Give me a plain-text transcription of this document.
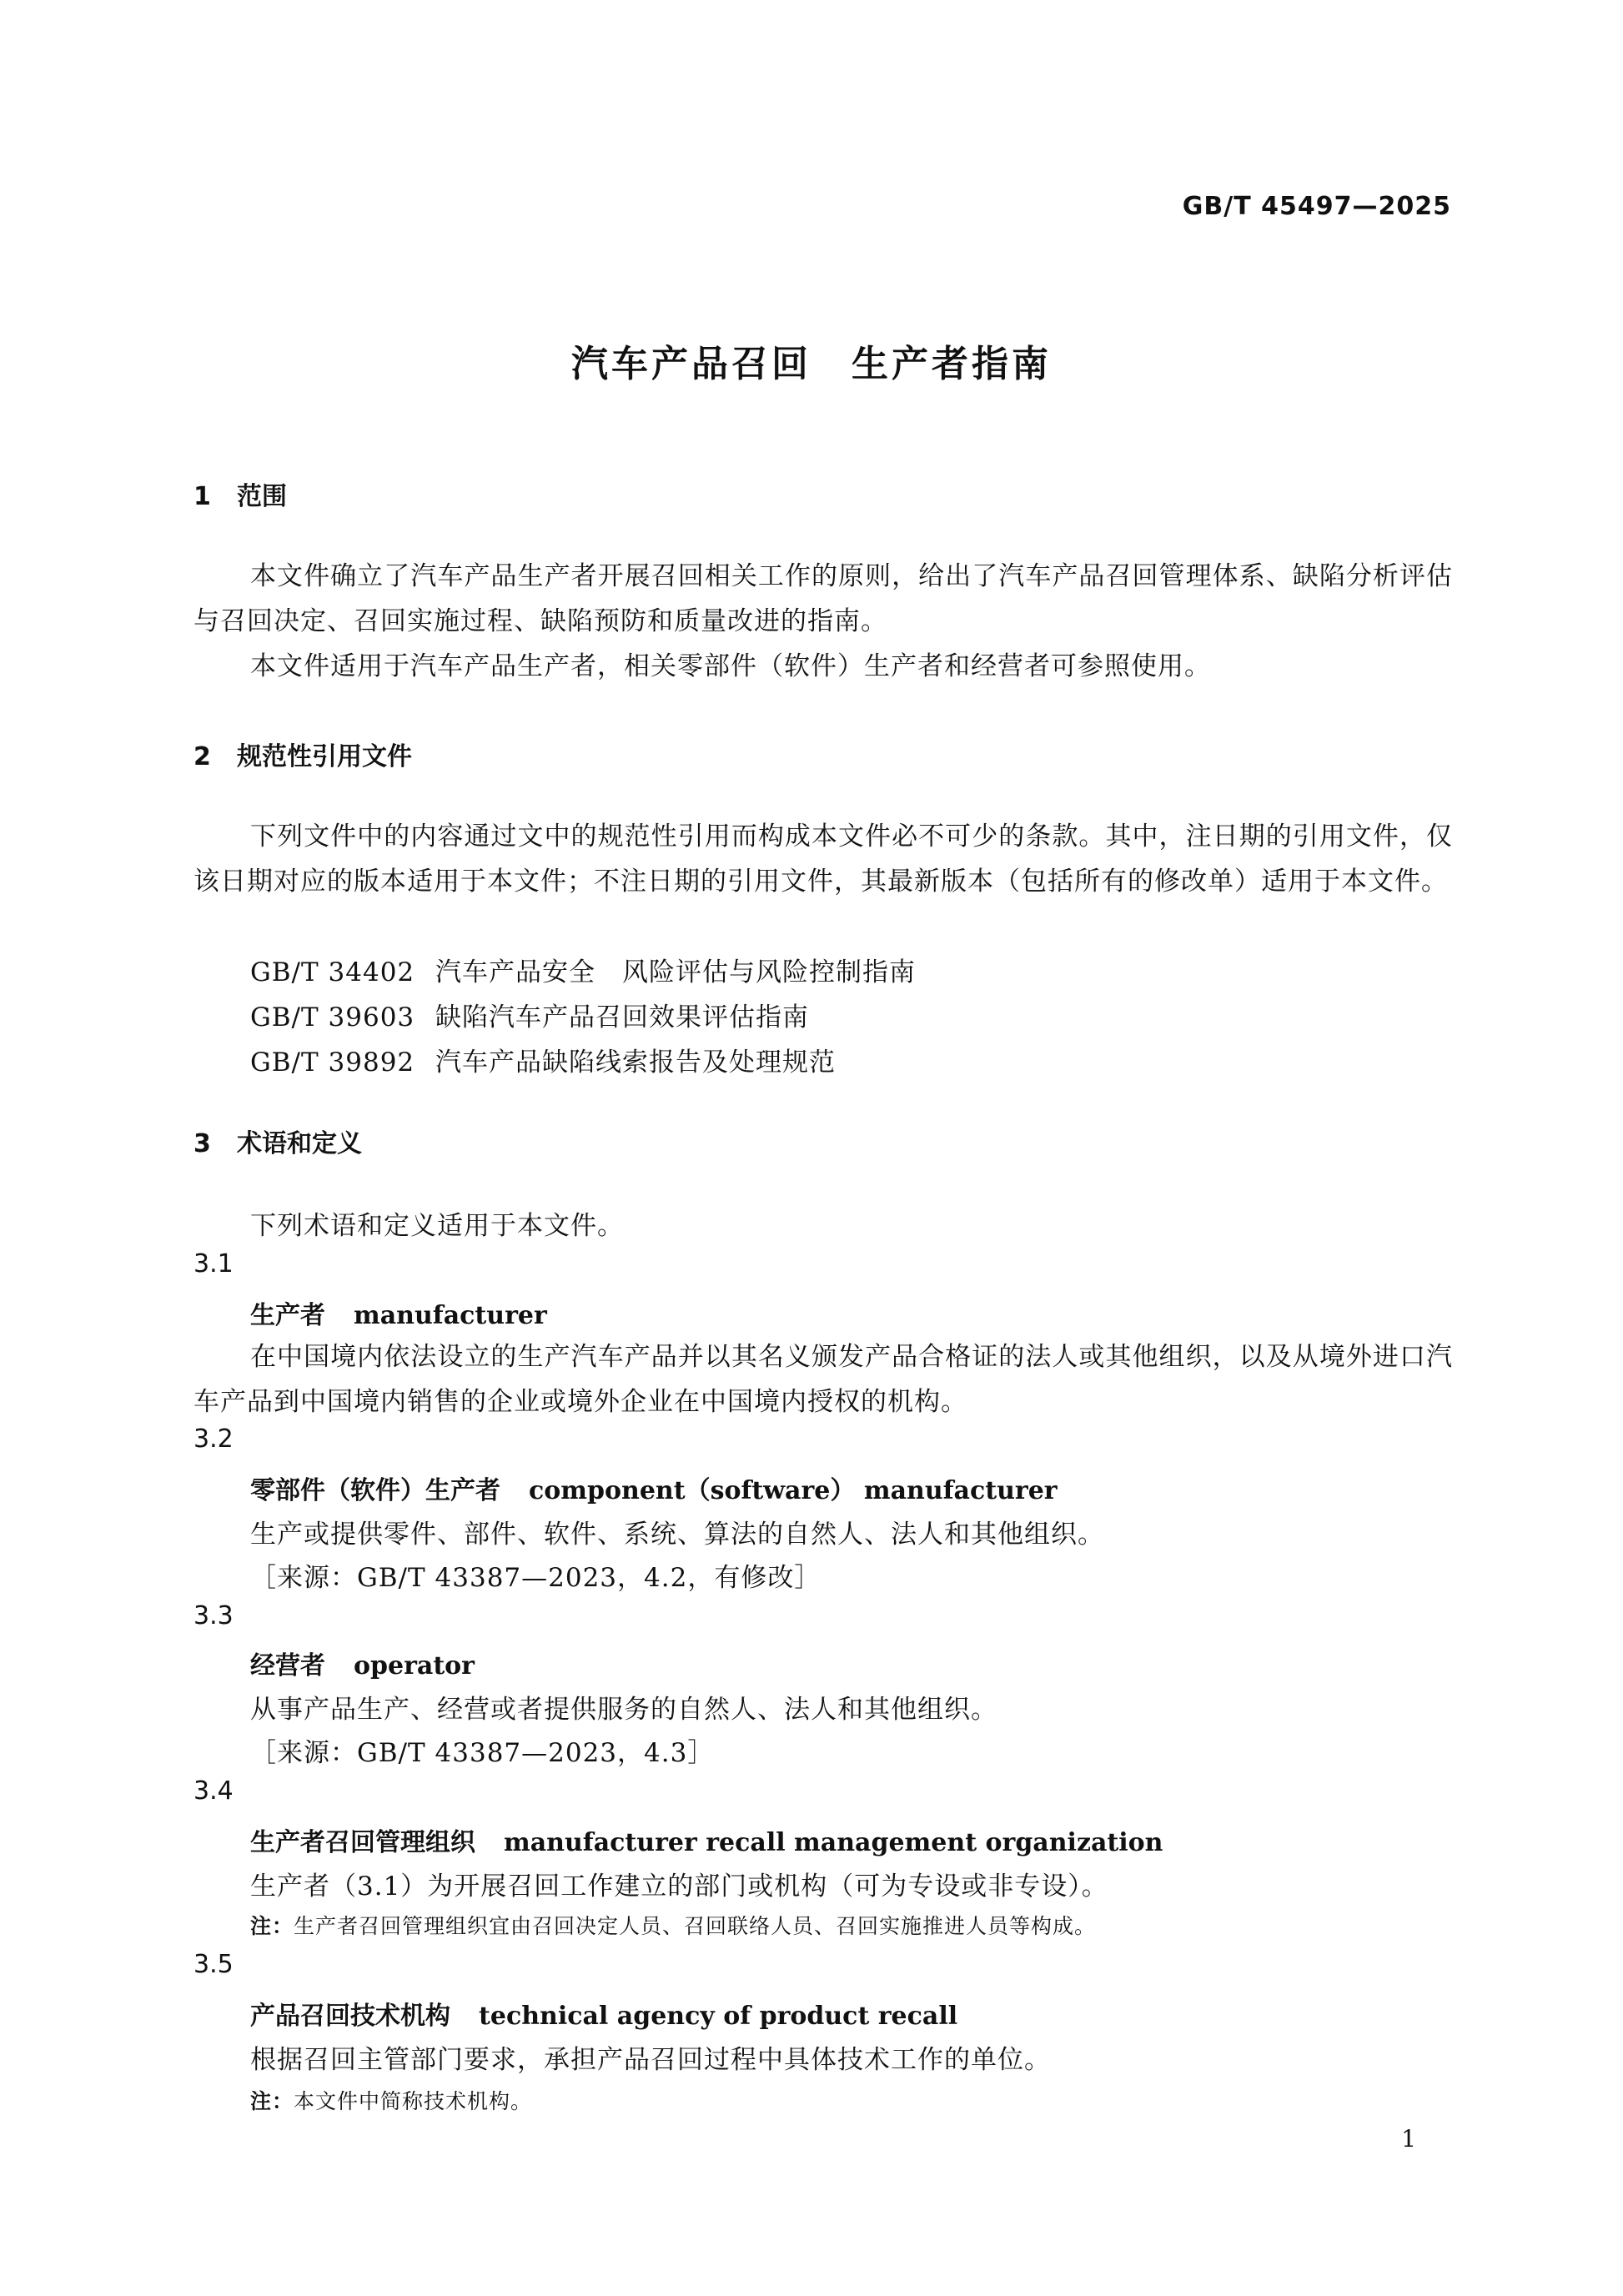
GB/T 45497—2025
汽车产品召回　生产者指南
1 范围
本文件确立了汽车产品生产者开展召回相关工作的原则，给出了汽车产品召回管理体系、缺陷分析评估与召回决定、召回实施过程、缺陷预防和质量改进的指南。
本文件适用于汽车产品生产者，相关零部件（软件）生产者和经营者可参照使用。
2 规范性引用文件
下列文件中的内容通过文中的规范性引用而构成本文件必不可少的条款。其中，注日期的引用文件，仅该日期对应的版本适用于本文件；不注日期的引用文件，其最新版本（包括所有的修改单）适用于本文件。
GB/T 34402 汽车产品安全　风险评估与风险控制指南
GB/T 39603 缺陷汽车产品召回效果评估指南
GB/T 39892 汽车产品缺陷线索报告及处理规范
3 术语和定义
下列术语和定义适用于本文件。
3.1
生产者 manufacturer
在中国境内依法设立的生产汽车产品并以其名义颁发产品合格证的法人或其他组织，以及从境外进口汽车产品到中国境内销售的企业或境外企业在中国境内授权的机构。
3.2
零部件（软件）生产者 component（software） manufacturer
生产或提供零件、部件、软件、系统、算法的自然人、法人和其他组织。
［来源：GB/T 43387—2023，4.2，有修改］
3.3
经营者 operator
从事产品生产、经营或者提供服务的自然人、法人和其他组织。
［来源：GB/T 43387—2023，4.3］
3.4
生产者召回管理组织 manufacturer recall management organization
生产者（3.1）为开展召回工作建立的部门或机构（可为专设或非专设）。
注：生产者召回管理组织宜由召回决定人员、召回联络人员、召回实施推进人员等构成。
3.5
产品召回技术机构 technical agency of product recall
根据召回主管部门要求，承担产品召回过程中具体技术工作的单位。
注：本文件中简称技术机构。
1
